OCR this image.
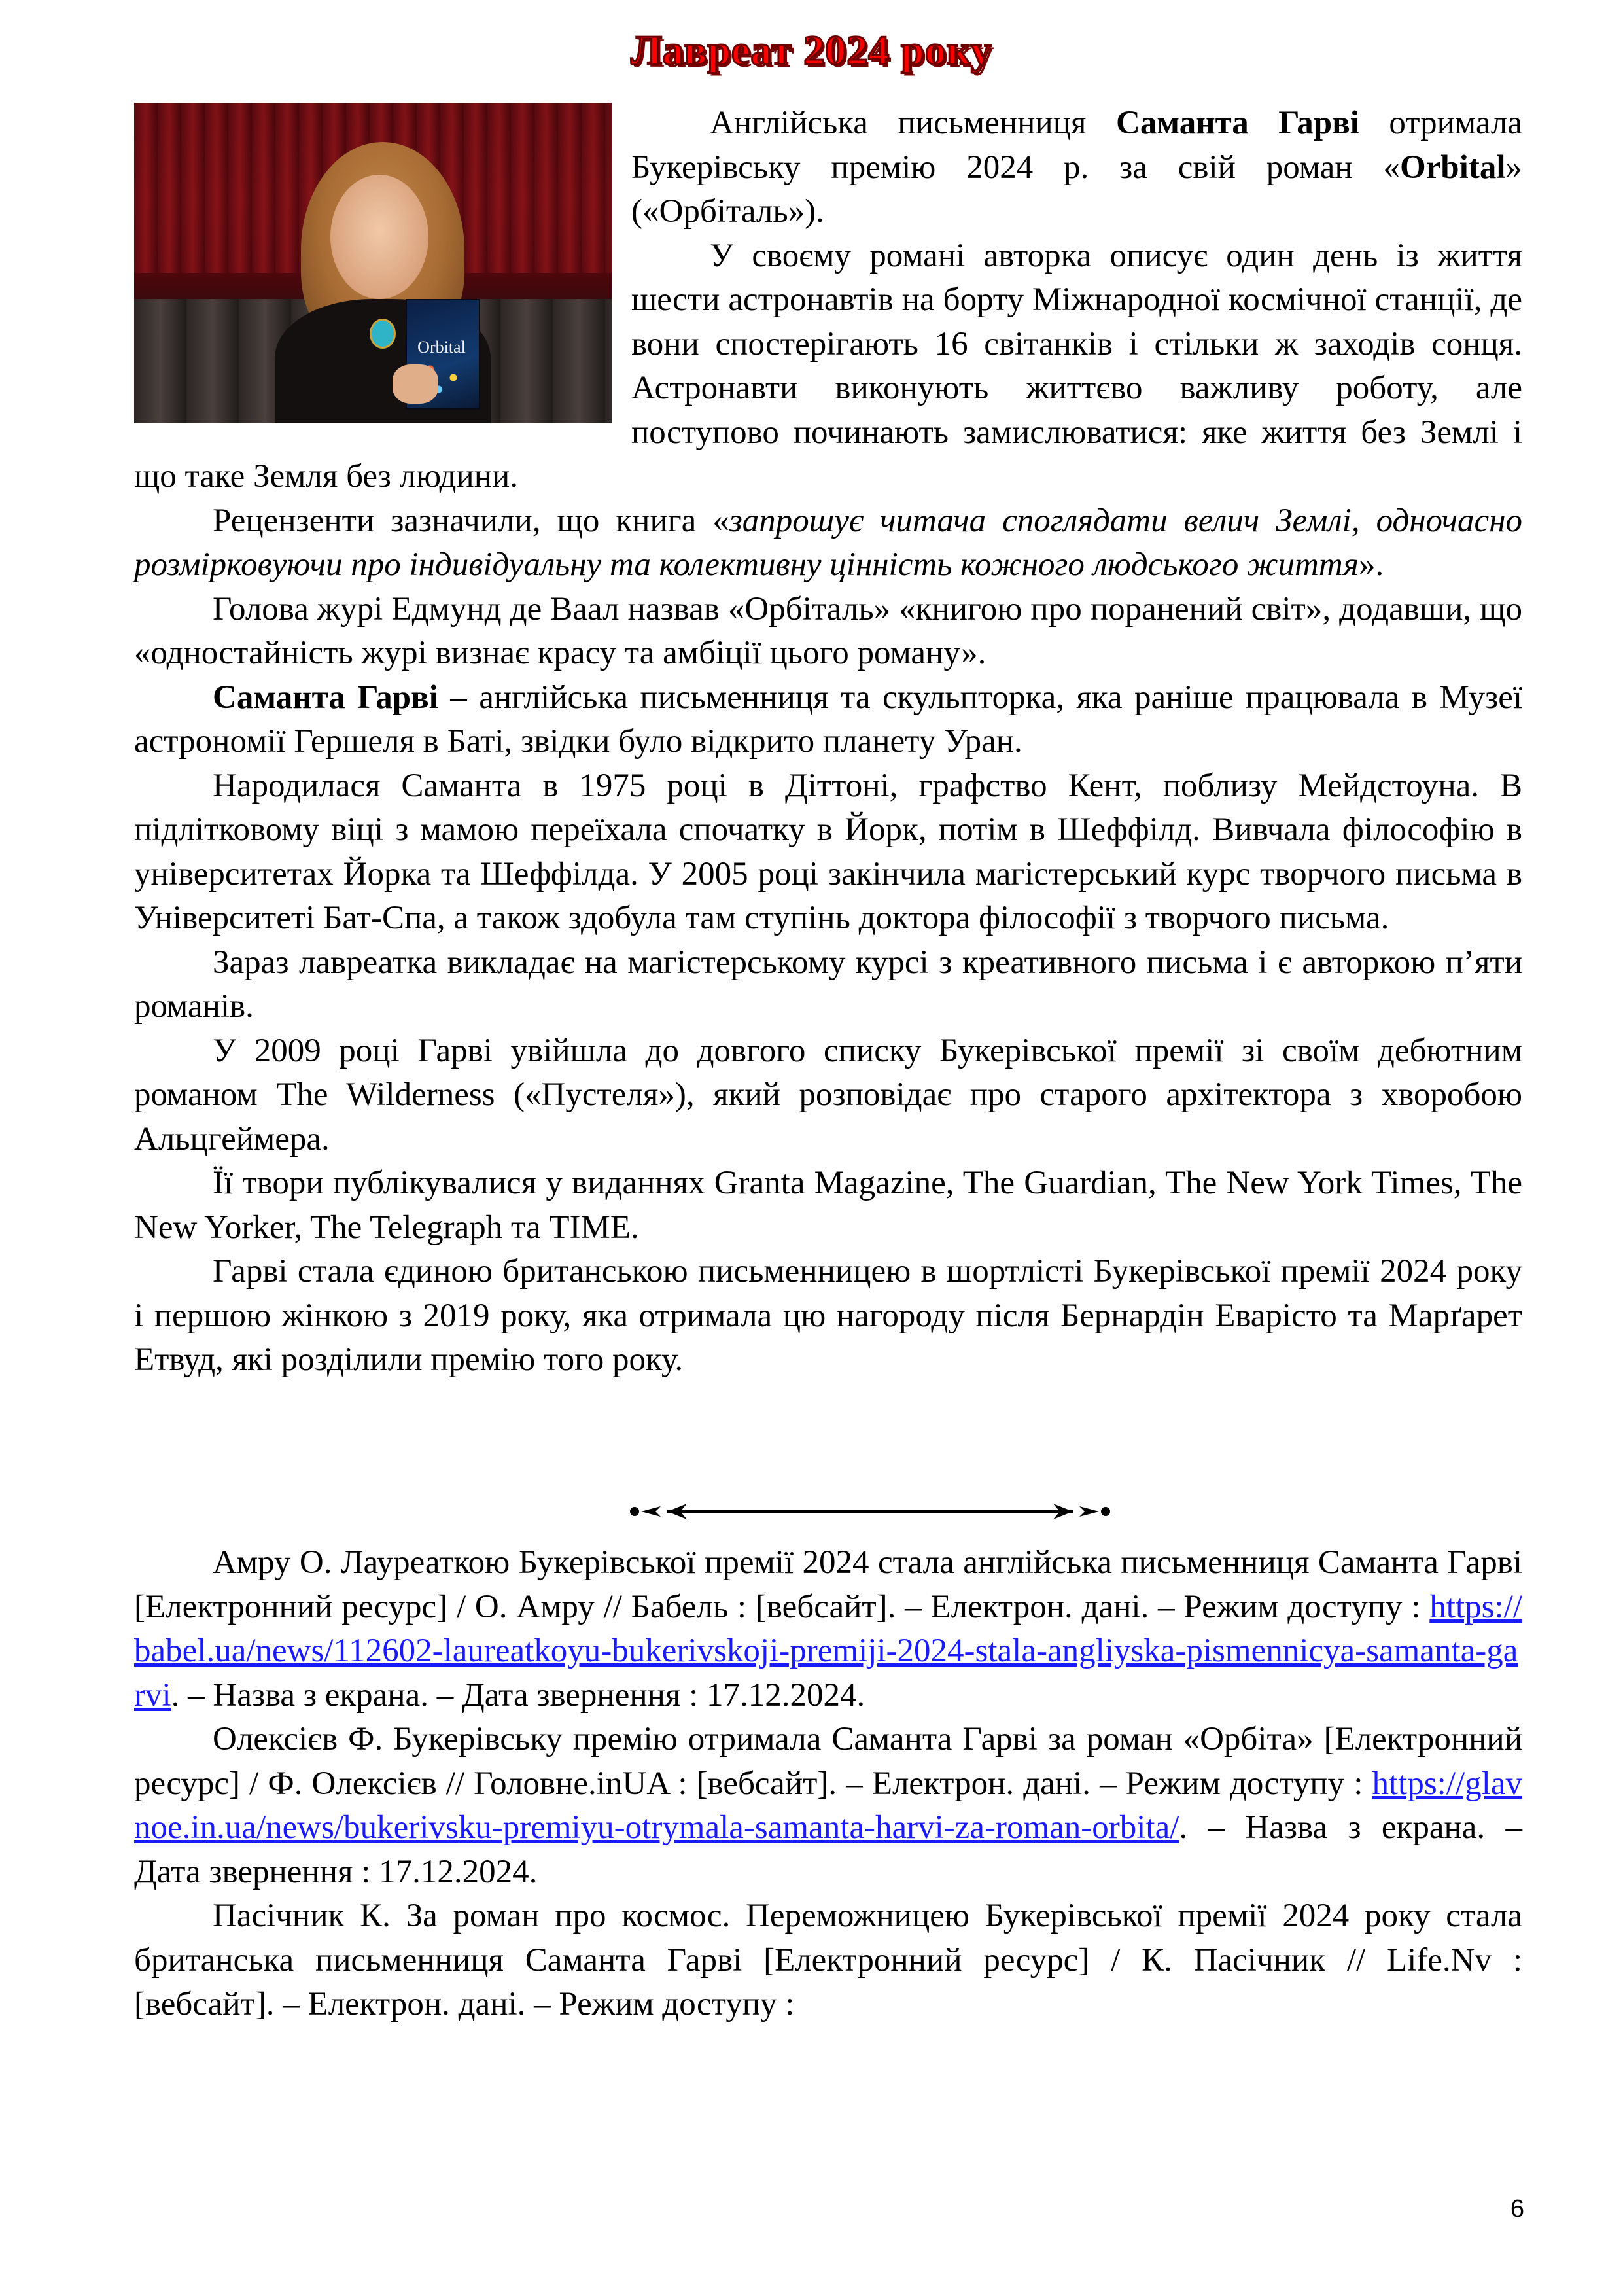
Лавреат 2024 року
Orbital

Англійська письменниця Саманта Гарві отримала Букерівську премію 2024 р. за свій роман «Orbital» («Орбіталь»).

У своєму романі авторка описує один день із життя шести астронавтів на борту Міжнародної космічної станції, де вони спостерігають 16 світанків і стільки ж заходів сонця. Астронавти виконують життєво важливу роботу, але поступово починають замислюватися: яке життя без Землі і що таке Земля без людини.

Рецензенти зазначили, що книга «запрошує читача споглядати велич Землі, одночасно розмірковуючи про індивідуальну та колективну цінність кожного людського життя».

Голова журі Едмунд де Ваал назвав «Орбіталь» «книгою про поранений світ», додавши, що «одностайність журі визнає красу та амбіції цього роману».

Саманта Гарві – англійська письменниця та скульпторка, яка раніше працювала в Музеї астрономії Гершеля в Баті, звідки було відкрито планету Уран.

Народилася Саманта в 1975 році в Діттоні, графство Кент, поблизу Мейдстоуна. В підлітковому віці з мамою переїхала спочатку в Йорк, потім в Шеффілд. Вивчала філософію в університетах Йорка та Шеффілда. У 2005 році закінчила магістерський курс творчого письма в Університеті Бат-Спа, а також здобула там ступінь доктора філософії з творчого письма.

Зараз лавреатка викладає на магістерському курсі з креативного письма і є авторкою п’яти романів.

У 2009 році Гарві увійшла до довгого списку Букерівської премії зі своїм дебютним романом The Wilderness («Пустеля»), який розповідає про старого архітектора з хворобою Альцгеймера.

Її твори публікувалися у виданнях Granta Magazine, The Guardian, The New York Times, The New Yorker, The Telegraph та TIME.

Гарві стала єдиною британською письменницею в шортлісті Букерівської премії 2024 року і першою жінкою з 2019 року, яка отримала цю нагороду після Бернардін Еварісто та Марґарет Етвуд, які розділили премію того року.

Амру О. Лауреаткою Букерівської премії 2024 стала англійська письменниця Саманта Гарві [Електронний ресурс] / О. Амру // Бабель : [вебсайт]. – Електрон. дані. – Режим доступу : https://babel.ua/news/112602-laureatkoyu-bukerivskoji-premiji-2024-stala-angliyska-pismennicya-samanta-garvi. – Назва з екрана. – Дата звернення : 17.12.2024.

Олексієв Ф. Букерівську премію отримала Саманта Гарві за роман «Орбіта» [Електронний ресурс] / Ф. Олексієв // Головне.inUA : [вебсайт]. – Електрон. дані. – Режим доступу : https://glavnoe.in.ua/news/bukerivsku-premiyu-otrymala-samanta-harvi-za-roman-orbita/. – Назва з екрана. – Дата звернення : 17.12.2024.

Пасічник К. За роман про космос. Переможницею Букерівської премії 2024 року стала британська письменниця Саманта Гарві [Електронний ресурс] / К. Пасічник // Life.Nv : [вебсайт]. – Електрон. дані. – Режим доступу :

6
